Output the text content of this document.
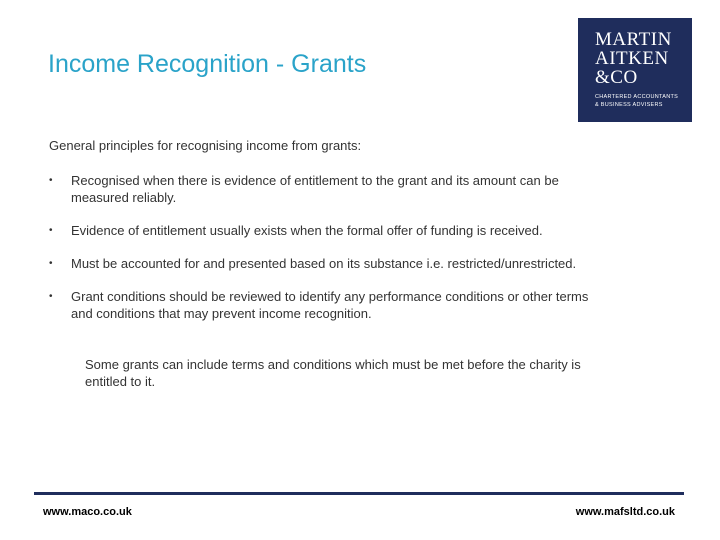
Income Recognition - Grants
MARTIN
AITKEN
&CO
CHARTERED ACCOUNTANTS
& BUSINESS ADVISERS
General principles for recognising income from grants:
•	Recognised when there is evidence of entitlement to the grant and its amount can be measured reliably.
•	Evidence of entitlement usually exists when the formal offer of funding is received.
•	Must be accounted for and presented based on its substance i.e. restricted/unrestricted.
•	Grant conditions should be reviewed to identify any performance conditions or other terms and conditions that may prevent income recognition.
Some grants can include terms and conditions which must be met before the charity is entitled to it.
www.maco.co.uk	www.mafsltd.co.uk
